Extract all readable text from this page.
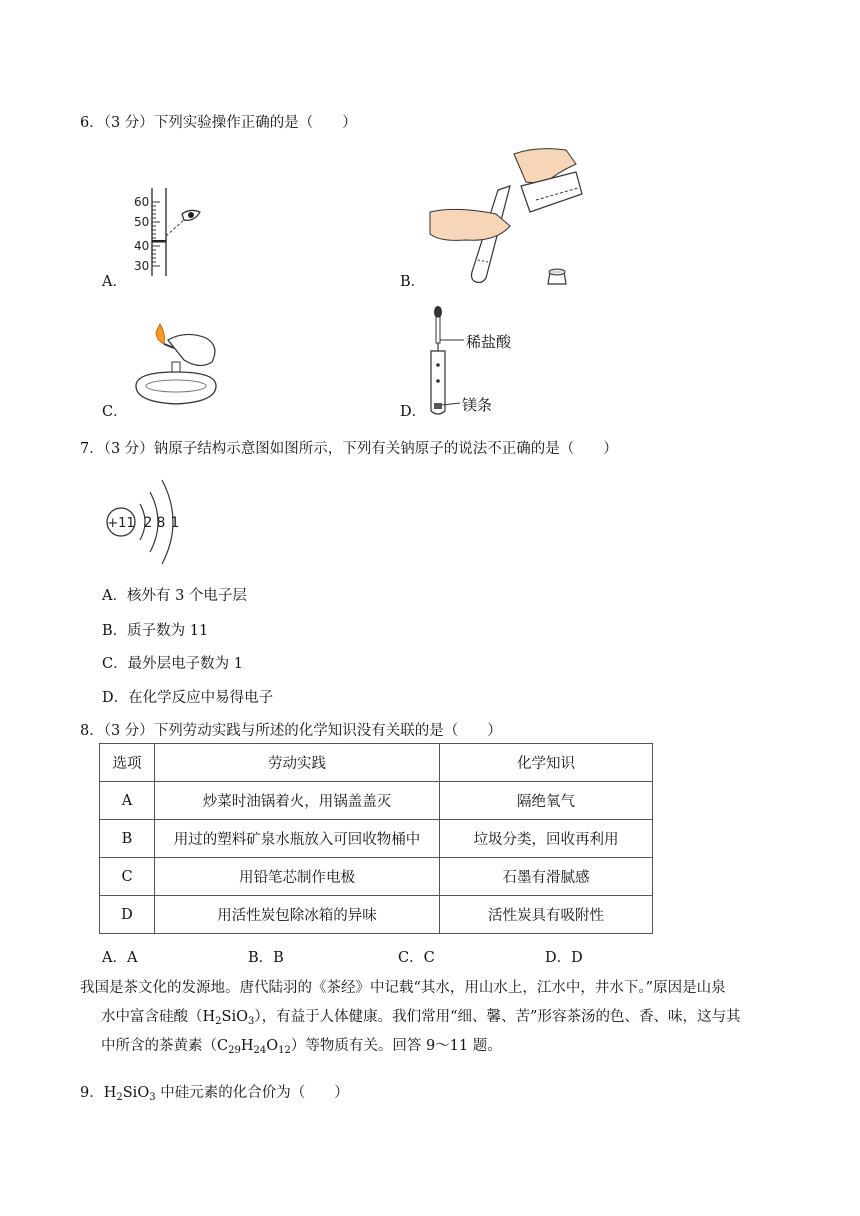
6．（3 分）下列实验操作正确的是（　　）
60
50
40
30
A．	B．
C．
稀盐酸
镁条
D．
7．（3 分）钠原子结构示意图如图所示，下列有关钠原子的说法不正确的是（　　）
+11 2 8 1
A．核外有 3 个电子层
B．质子数为 11
C．最外层电子数为 1
D．在化学反应中易得电子
8．（3 分）下列劳动实践与所述的化学知识没有关联的是（　　）
选项	劳动实践	化学知识
A	炒菜时油锅着火，用锅盖盖灭	隔绝氧气
B	用过的塑料矿泉水瓶放入可回收物桶中	垃圾分类，回收再利用
C	用铅笔芯制作电极	石墨有滑腻感
D	用活性炭包除冰箱的异味	活性炭具有吸附性
A．A	B．B	C．C	D．D
我国是茶文化的发源地。唐代陆羽的《茶经》中记载“其水，用山水上，江水中，井水下。”原因是山泉
水中富含硅酸$(H_2SiO_3)$，有益于人体健康。我们常用“细、馨、苦”形容茶汤的色、香、味，这与其
中所含的茶黄素$(C_{29}H_{24}O_{12})$等物质有关。回答 9～11 题。
9．$H_2SiO_3$ 中硅元素的化合价为（　　）
